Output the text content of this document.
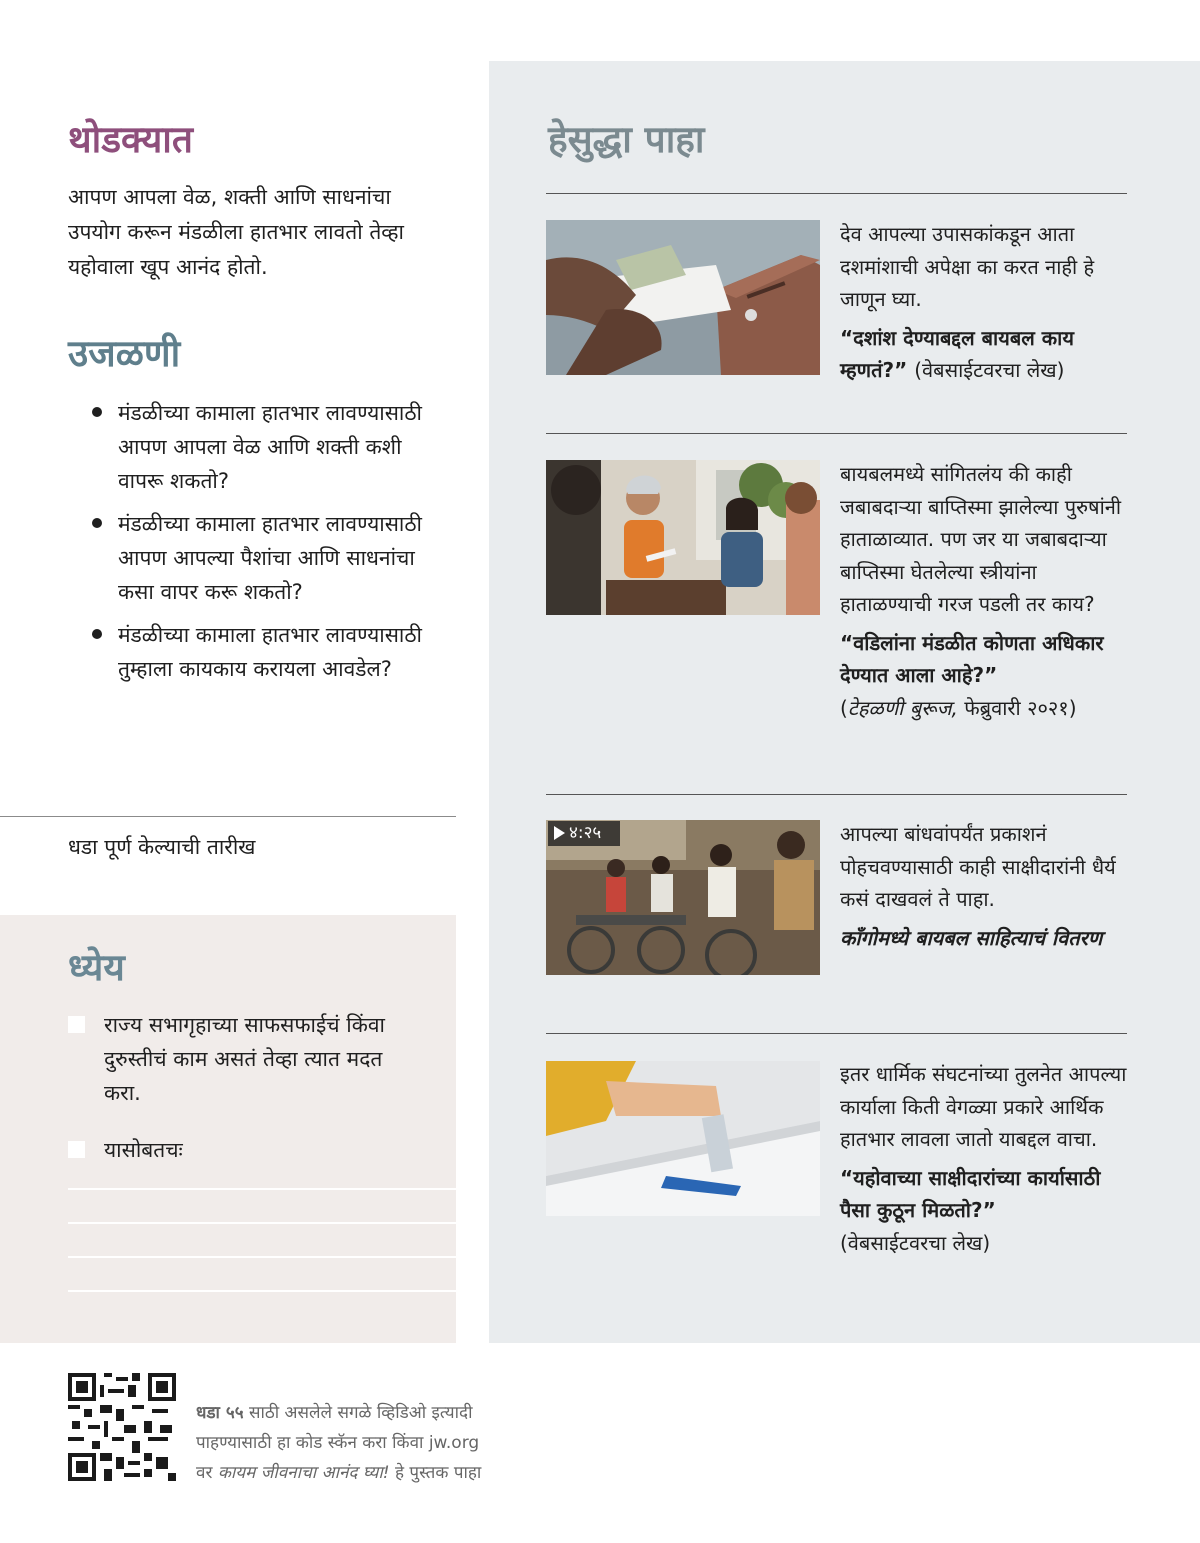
थोडक्यात
आपण आपला वेळ, शक्ती आणि साधनांचा उपयोग करून मंडळीला हातभार लावतो तेव्हा यहोवाला खूप आनंद होतो.
उजळणी
मंडळीच्या कामाला हातभार लावण्यासाठी आपण आपला वेळ आणि शक्ती कशी वापरू शकतो?
मंडळीच्या कामाला हातभार लावण्यासाठी आपण आपल्या पैशांचा आणि साधनांचा कसा वापर करू शकतो?
मंडळीच्या कामाला हातभार लावण्यासाठी तुम्हाला कायकाय करायला आवडेल?
धडा पूर्ण केल्याची तारीख
ध्येय
राज्य सभागृहाच्या साफसफाईचं किंवा दुरुस्तीचं काम असतं तेव्हा त्यात मदत करा.
यासोबतचः
हेसुद्धा पाहा
देव आपल्या उपासकांकडून आता दशमांशाची अपेक्षा का करत नाही हे जाणून घ्या.
“दशांश देण्याबद्दल बायबल काय म्हणतं?” (वेबसाईटवरचा लेख)
बायबलमध्ये सांगितलंय की काही जबाबदाऱ्या बाप्तिस्मा झालेल्या पुरुषांनी हाताळाव्यात. पण जर या जबाबदाऱ्या बाप्तिस्मा घेतलेल्या स्त्रीयांना हाताळण्याची गरज पडली तर काय?
“वडिलांना मंडळीत कोणता अधिकार देण्यात आला आहे?”
(टेहळणी बुरूज, फेब्रुवारी २०२१)
४:२५	आपल्या बांधवांपर्यंत प्रकाशनं पोहचवण्यासाठी काही साक्षीदारांनी धैर्य कसं दाखवलं ते पाहा.
काँगोमध्ये बायबल साहित्याचं वितरण
इतर धार्मिक संघटनांच्या तुलनेत आपल्या कार्याला किती वेगळ्या प्रकारे आर्थिक हातभार लावला जातो याबद्दल वाचा.
“यहोवाच्या साक्षीदारांच्या कार्यासाठी पैसा कुठून मिळतो?”
(वेबसाईटवरचा लेख)
धडा ५५ साठी असलेले सगळे व्हिडिओ इत्यादी
पाहण्यासाठी हा कोड स्कॅन करा किंवा jw.org
वर कायम जीवनाचा आनंद घ्या! हे पुस्तक पाहा
